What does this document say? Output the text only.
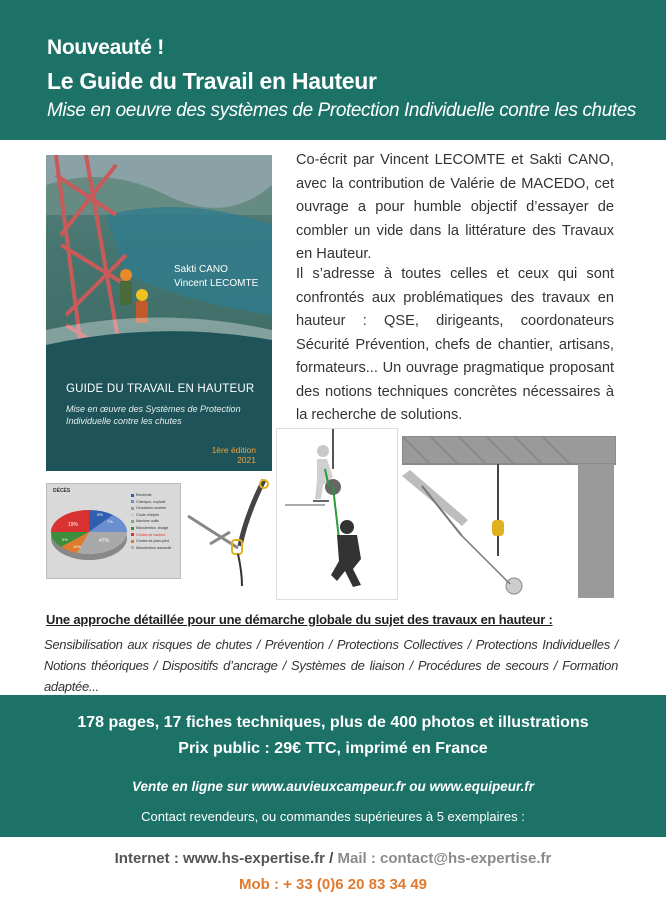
Nouveauté !
Le Guide du Travail en Hauteur
Mise en oeuvre des systèmes de Protection Individuelle contre les chutes
Sakti CANO
Vincent LECOMTE
GUIDE DU TRAVAIL EN HAUTEUR
Mise en œuvre des Systèmes de Protection Individuelle contre les chutes
1ère édition
2021
Co-écrit par Vincent LECOMTE et Sakti CANO, avec la contribution de Valérie de MACEDO, cet ouvrage a pour humble objectif d’essayer de combler un vide dans la littérature des Travaux en Hauteur.
Il s’adresse à toutes celles et ceux qui sont confrontés aux problématiques des travaux en hauteur : QSE, dirigeants, coordonateurs Sécurité Prévention, chefs de chantier, artisans, formateurs... Un ouvrage pragmatique proposant des notions techniques concrètes nécessaires à la recherche de solutions.
DÉCÈS
19%
9%
7%
9%
10%
47%
Electricité
Chimique, explosif
Circulation routière
Chute d’objets
Machine outils
Manutention, levage
Chutes de hauteur
Chutes de plain-pied
Manutention manuelle
Une approche détaillée pour une démarche globale du sujet des travaux en hauteur :
Sensibilisation aux risques de chutes / Prévention / Protections Collectives / Protections Individuelles / Notions théoriques / Dispositifs d’ancrage / Systèmes de liaison / Procédures de secours / Formation adaptée...
178 pages, 17 fiches techniques, plus de 400 photos et illustrations
Prix public : 29€ TTC, imprimé en France
Vente en ligne sur www.auvieuxcampeur.fr ou www.equipeur.fr
Contact revendeurs, ou commandes supérieures à 5 exemplaires :
Internet : www.hs-expertise.fr / Mail : contact@hs-expertise.fr
Mob : + 33 (0)6 20 83 34 49
